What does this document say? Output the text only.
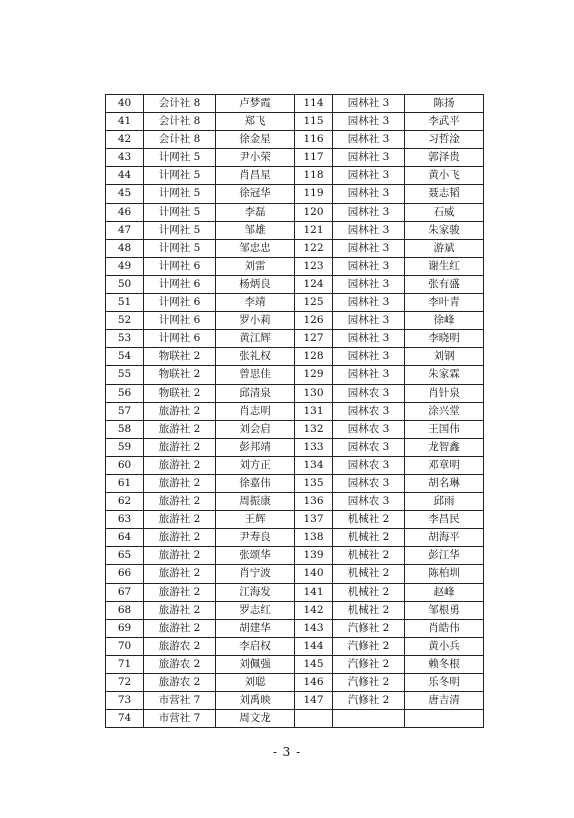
40	会计社 8	卢梦霞	114	园林社 3	陈扬
41	会计社 8	郑飞	115	园林社 3	李武平
42	会计社 8	徐金星	116	园林社 3	习哲淦
43	计网社 5	尹小荣	117	园林社 3	郭泽贵
44	计网社 5	肖昌星	118	园林社 3	黄小飞
45	计网社 5	徐冠华	119	园林社 3	聂志韬
46	计网社 5	李磊	120	园林社 3	石威
47	计网社 5	邹雄	121	园林社 3	朱家骏
48	计网社 5	邹忠忠	122	园林社 3	游斌
49	计网社 6	刘雷	123	园林社 3	谢生红
50	计网社 6	杨炳良	124	园林社 3	张有盛
51	计网社 6	李靖	125	园林社 3	李叶青
52	计网社 6	罗小莉	126	园林社 3	徐峰
53	计网社 6	黄江辉	127	园林社 3	李晓明
54	物联社 2	张礼权	128	园林社 3	刘钢
55	物联社 2	曾思佳	129	园林社 3	朱家霖
56	物联社 2	邱清泉	130	园林农 3	肖针泉
57	旅游社 2	肖志明	131	园林农 3	涂兴堂
58	旅游社 2	刘会启	132	园林农 3	王国伟
59	旅游社 2	彭邦靖	133	园林农 3	龙智鑫
60	旅游社 2	刘方正	134	园林农 3	邓章明
61	旅游社 2	徐嘉伟	135	园林农 3	胡名琳
62	旅游社 2	周振康	136	园林农 3	邱雨
63	旅游社 2	王辉	137	机械社 2	李昌民
64	旅游社 2	尹寿良	138	机械社 2	胡海平
65	旅游社 2	张颂华	139	机械社 2	彭江华
66	旅游社 2	肖宁波	140	机械社 2	陈柏圳
67	旅游社 2	江海发	141	机械社 2	赵峰
68	旅游社 2	罗志红	142	机械社 2	邹根勇
69	旅游社 2	胡建华	143	汽修社 2	肖皓伟
70	旅游农 2	李启权	144	汽修社 2	黄小兵
71	旅游农 2	刘佩强	145	汽修社 2	赖冬根
72	旅游农 2	刘聪	146	汽修社 2	乐冬明
73	市营社 7	刘禹映	147	汽修社 2	唐吉清
74	市营社 7	周文龙			
- 3 -
